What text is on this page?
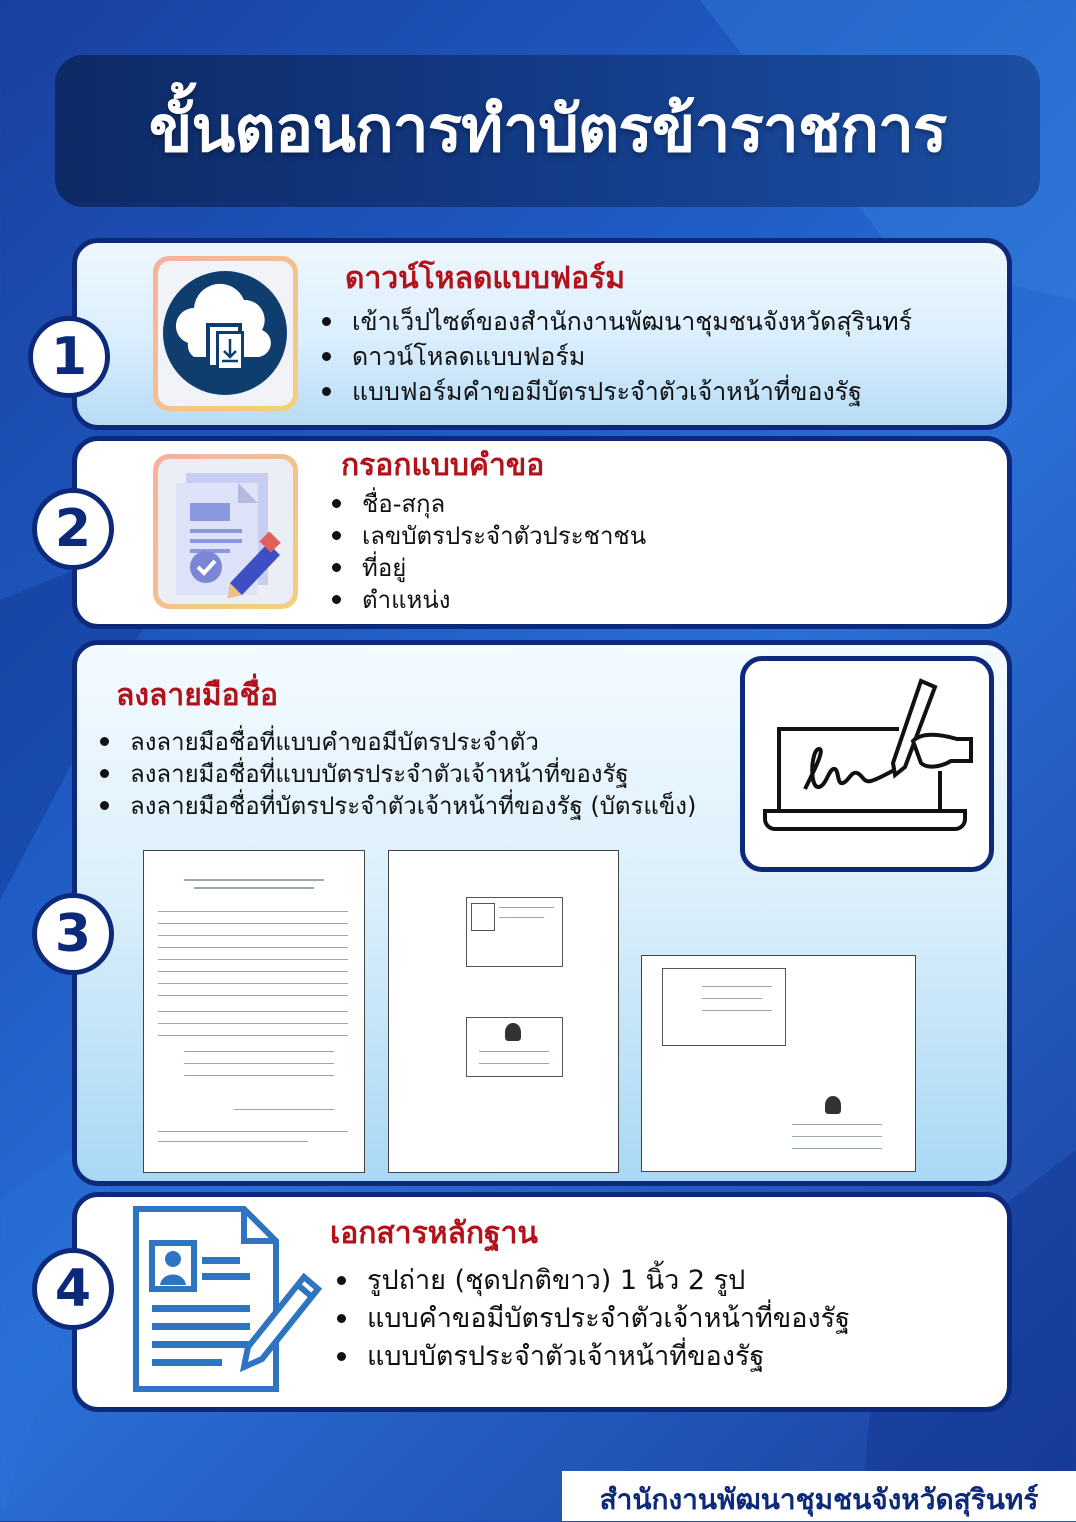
ขั้นตอนการทำบัตรข้าราชการ
1
ดาวน์โหลดแบบฟอร์ม
เข้าเว็ปไซต์ของสำนักงานพัฒนาชุมชนจังหวัดสุรินทร์
ดาวน์โหลดแบบฟอร์ม
แบบฟอร์มคำขอมีบัตรประจำตัวเจ้าหน้าที่ของรัฐ
2
กรอกแบบคำขอ
ชื่อ-สกุล
เลขบัตรประจำตัวประชาชน
ที่อยู่
ตำแหน่ง
3
ลงลายมือชื่อ
ลงลายมือชื่อที่แบบคำขอมีบัตรประจำตัว
ลงลายมือชื่อที่แบบบัตรประจำตัวเจ้าหน้าที่ของรัฐ
ลงลายมือชื่อที่บัตรประจำตัวเจ้าหน้าที่ของรัฐ (บัตรแข็ง)
4
เอกสารหลักฐาน
รูปถ่าย (ชุดปกติขาว) 1 นิ้ว 2 รูป
แบบคำขอมีบัตรประจำตัวเจ้าหน้าที่ของรัฐ
แบบบัตรประจำตัวเจ้าหน้าที่ของรัฐ
สำนักงานพัฒนาชุมชนจังหวัดสุรินทร์
